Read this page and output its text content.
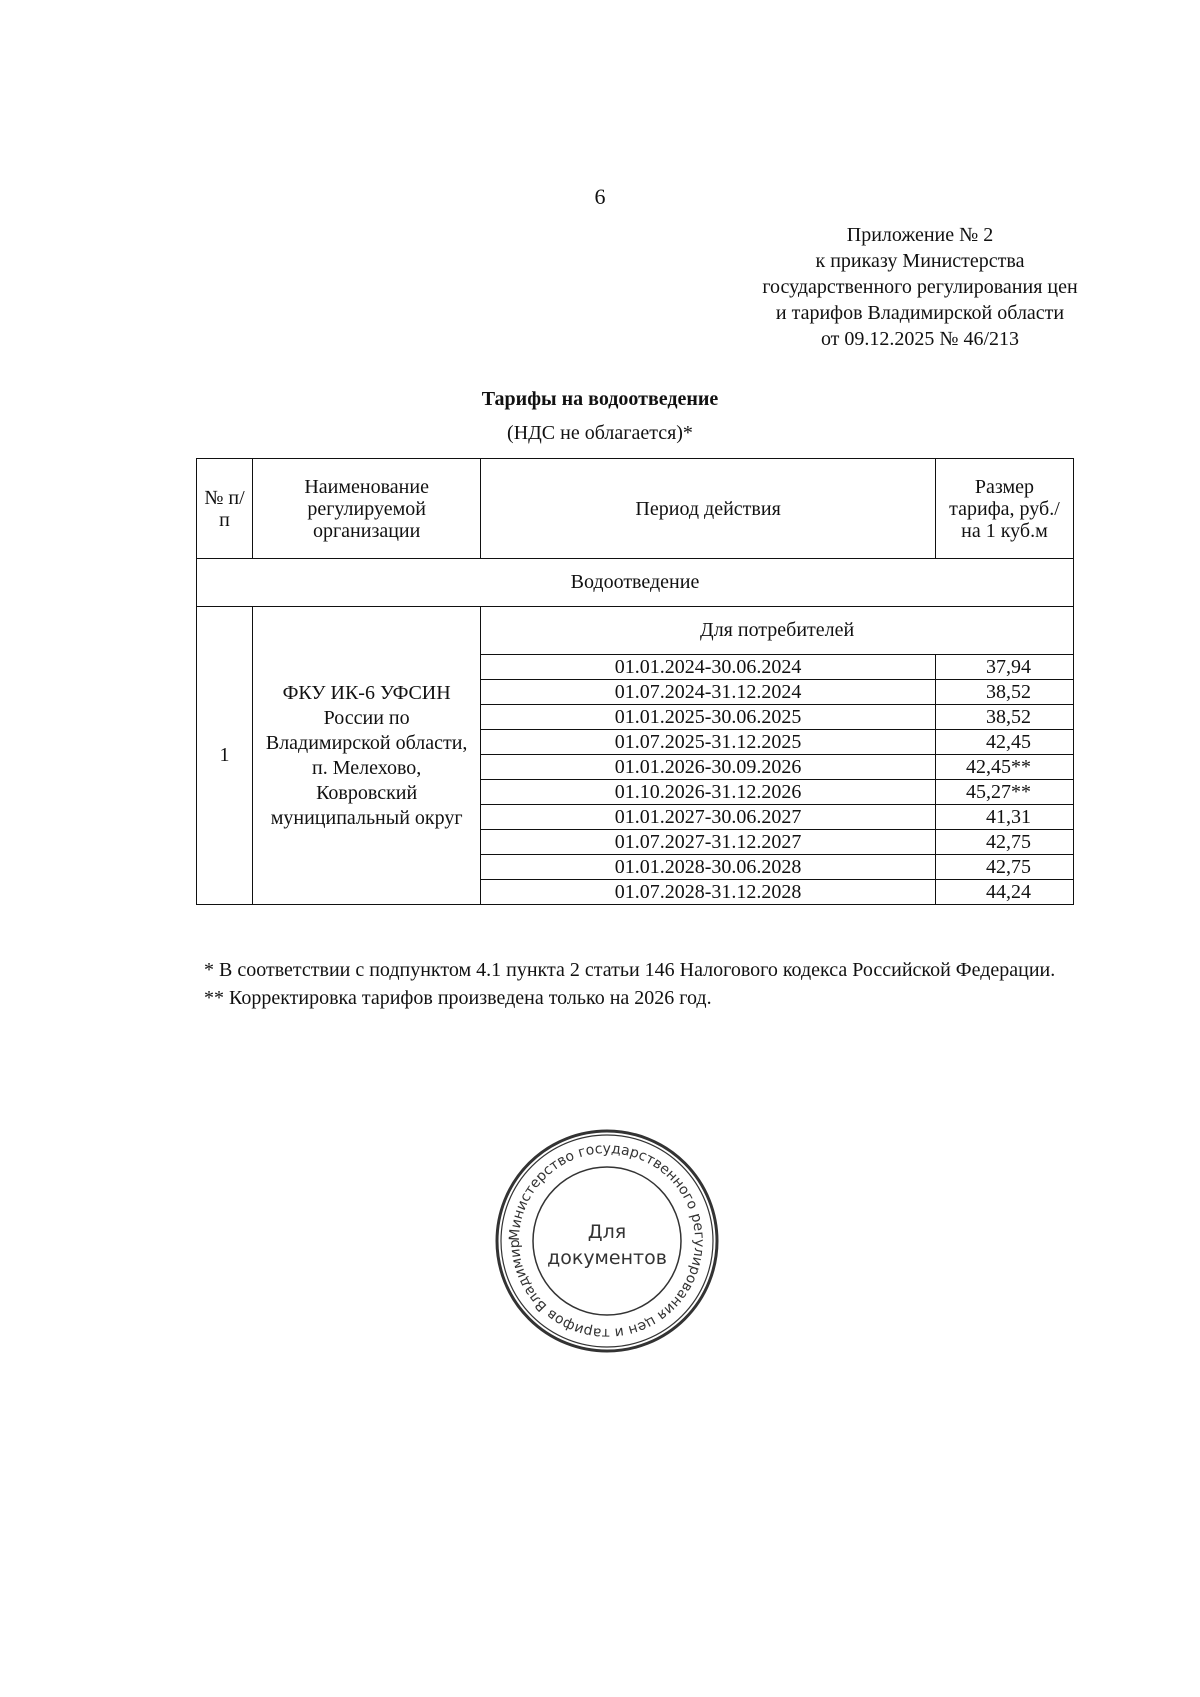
6
Приложение № 2
к приказу Министерства
государственного регулирования цен
и тарифов Владимирской области
от 09.12.2025 № 46/213
Тарифы на водоотведение
(НДС не облагается)*
№ п/п	Наименование регулируемой организации	Период действия	Размер тарифа, руб./на 1 куб.м
Водоотведение			
1	ФКУ ИК-6 УФСИН России по Владимирской области, п. Мелехово, Ковровский муниципальный округ	Для потребителей	
		01.01.2024-30.06.2024	37,94
		01.07.2024-31.12.2024	38,52
		01.01.2025-30.06.2025	38,52
		01.07.2025-31.12.2025	42,45
		01.01.2026-30.09.2026	42,45**
		01.10.2026-31.12.2026	45,27**
		01.01.2027-30.06.2027	41,31
		01.07.2027-31.12.2027	42,75
		01.01.2028-30.06.2028	42,75
		01.07.2028-31.12.2028	44,24

* В соответствии с подпунктом 4.1 пункта 2 статьи 146 Налогового кодекса Российской Федерации.

** Корректировка тарифов произведена только на 2026 год.

Министерство государственного регулирования цен и тарифов Владимир
Для
документов
